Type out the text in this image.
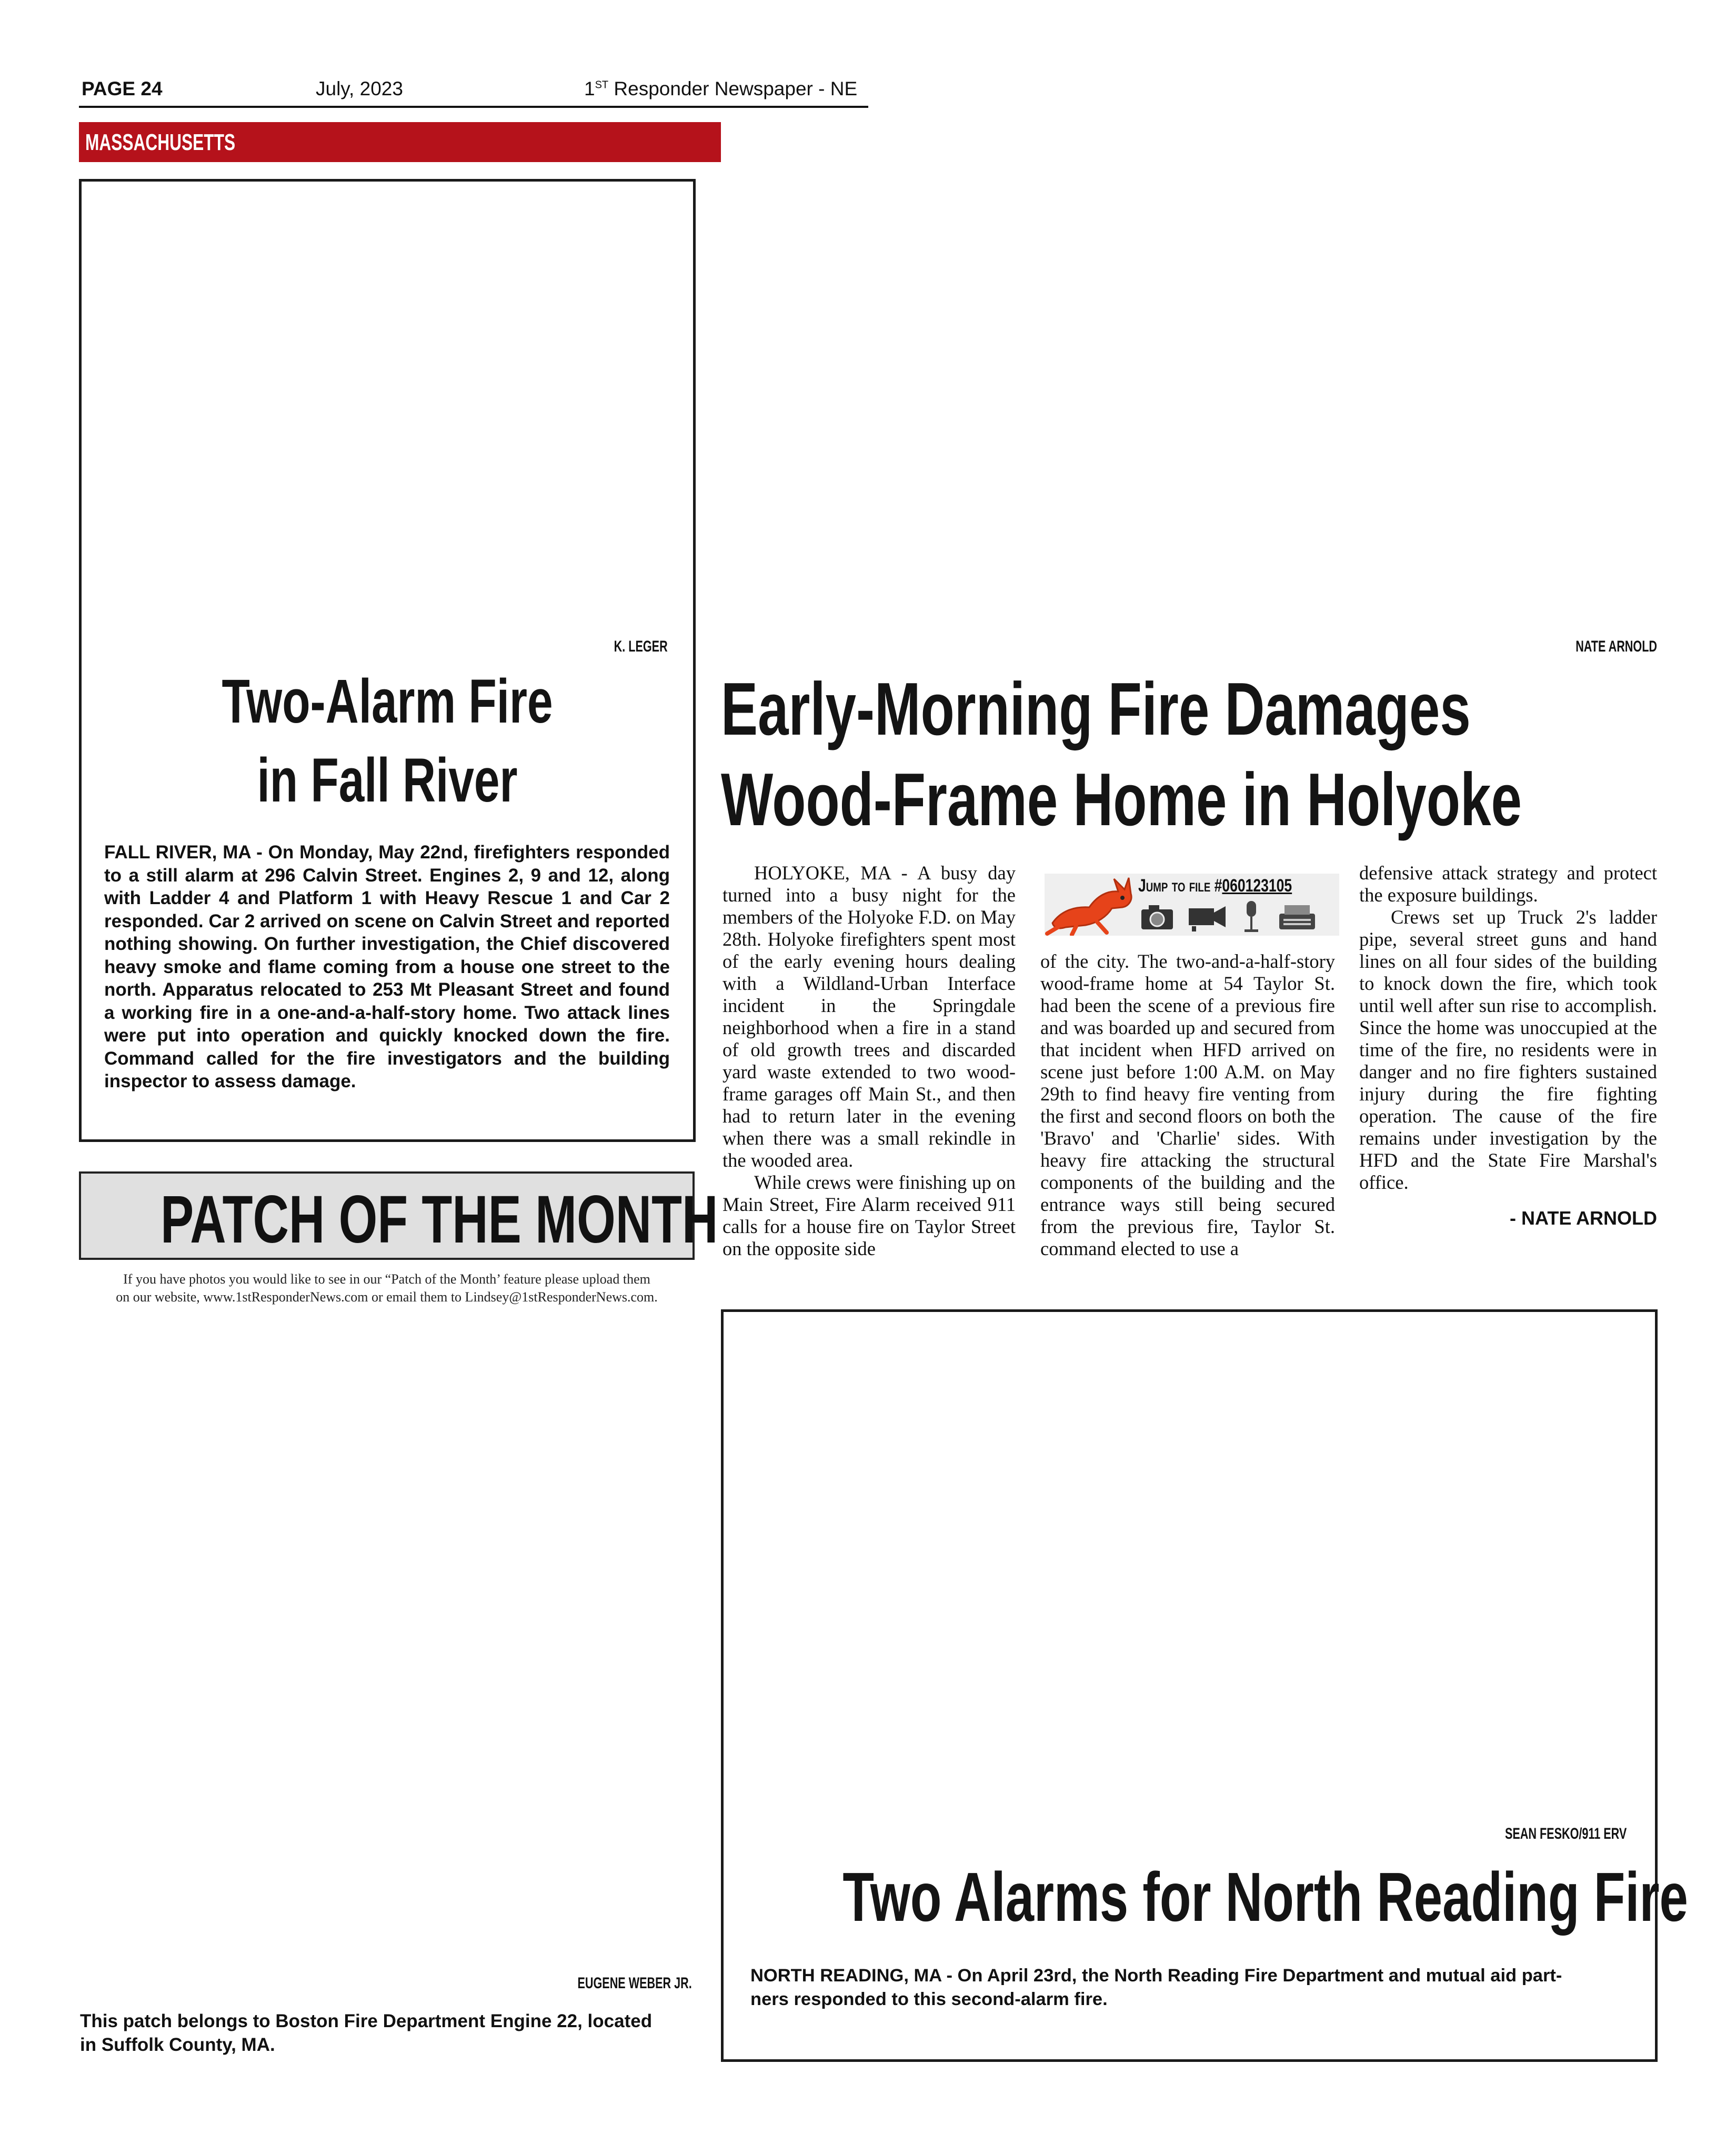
PAGE 24	July, 2023	1ST Responder Newspaper - NE
MASSACHUSETTS
K. LEGER
Two-Alarm Fire
in Fall River
FALL RIVER, MA - On Monday, May 22nd, firefighters responded to a still alarm at 296 Calvin Street. Engines 2, 9 and 12, along with Ladder 4 and Platform 1 with Heavy Rescue 1 and Car 2 responded. Car 2 arrived on scene on Calvin Street and reported nothing showing. On further investigation, the Chief discovered heavy smoke and flame coming from a house one street to the north. Apparatus relocated to 253 Mt Pleasant Street and found a working fire in a one-and-a-half-story home. Two attack lines were put into operation and quickly knocked down the fire. Command called for the fire investigators and the building inspector to assess damage.
NATE ARNOLD
Early-Morning Fire Damages
Wood-Frame Home in Holyoke

HOLYOKE, MA - A busy day turned into a busy night for the members of the Holyoke F.D. on May 28th. Holyoke firefighters spent most of the early evening hours dealing with a Wildland-Urban Interface incident in the Springdale neighborhood when a fire in a stand of old growth trees and discarded yard waste extended to two wood-frame garages off Main St., and then had to return later in the evening when there was a small rekindle in the wooded area.

While crews were finishing up on Main Street, Fire Alarm received 911 calls for a house fire on Taylor Street on the opposite side

Jump to file #060123105

of the city. The two-and-a-half-story wood-frame home at 54 Taylor St. had been the scene of a previous fire and was boarded up and secured from that incident when HFD arrived on scene just before 1:00 A.M. on May 29th to find heavy fire venting from the first and second floors on both the 'Bravo' and 'Charlie' sides. With heavy fire attacking the structural components of the building and the entrance ways still being secured from the previous fire, Taylor St. command elected to use a

defensive attack strategy and protect the exposure buildings.

Crews set up Truck 2's ladder pipe, several street guns and hand lines on all four sides of the building to knock down the fire, which took until well after sun rise to accomplish. Since the home was unoccupied at the time of the fire, no residents were in danger and no fire fighters sustained injury during the fire fighting operation. The cause of the fire remains under investigation by the HFD and the State Fire Marshal's office.

- NATE ARNOLD
PATCH OF THE MONTH
If you have photos you would like to see in our “Patch of the Month’ feature please upload them
on our website, www.1stResponderNews.com or email them to Lindsey@1stResponderNews.com.
EUGENE WEBER JR.
This patch belongs to Boston Fire Department Engine 22, located
in Suffolk County, MA.
SEAN FESKO/911 ERV
Two Alarms for North Reading Fire
NORTH READING, MA - On April 23rd, the North Reading Fire Department and mutual aid part-
ners responded to this second-alarm fire.
